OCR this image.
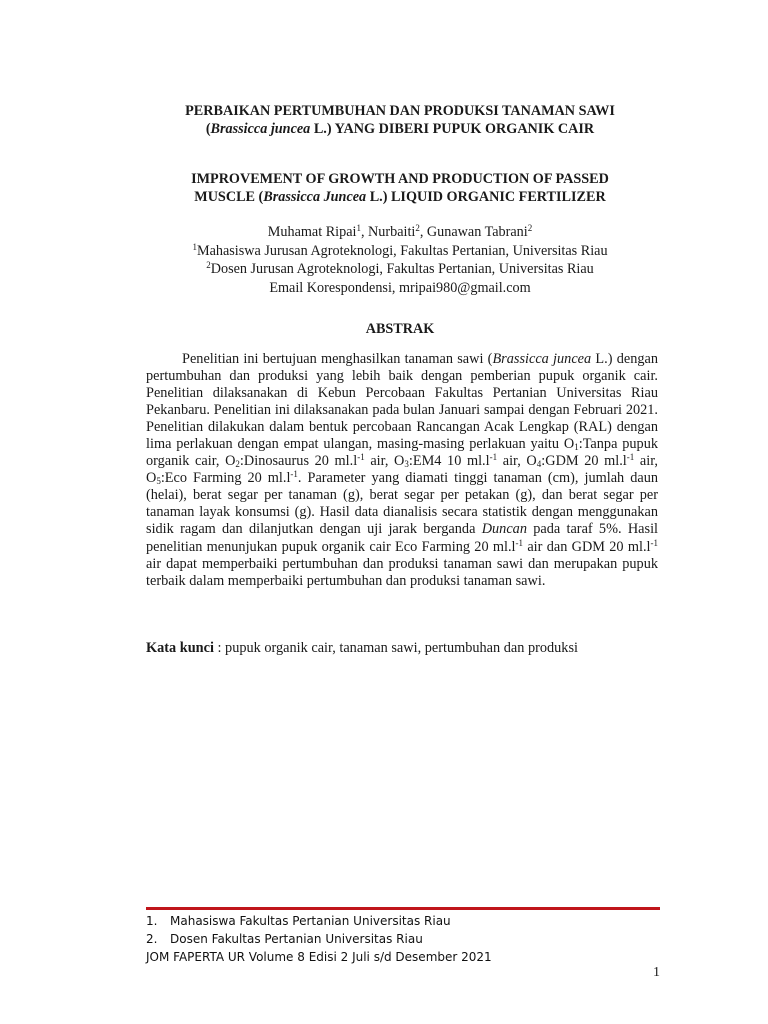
PERBAIKAN PERTUMBUHAN DAN PRODUKSI TANAMAN SAWI
(Brassicca juncea L.) YANG DIBERI PUPUK ORGANIK CAIR
IMPROVEMENT OF GROWTH AND PRODUCTION OF PASSED
MUSCLE (Brassicca Juncea L.) LIQUID ORGANIC FERTILIZER
Muhamat Ripai$^1$, Nurbaiti$^2$, Gunawan Tabrani$^2$
$^1$Mahasiswa Jurusan Agroteknologi, Fakultas Pertanian, Universitas Riau
$^2$Dosen Jurusan Agroteknologi, Fakultas Pertanian, Universitas Riau
Email Korespondensi, mripai980@gmail.com
ABSTRAK
Penelitian ini bertujuan menghasilkan tanaman sawi (Brassicca juncea L.) dengan pertumbuhan dan produksi yang lebih baik dengan pemberian pupuk organik cair. Penelitian dilaksanakan di Kebun Percobaan Fakultas Pertanian Universitas Riau Pekanbaru. Penelitian ini dilaksanakan pada bulan Januari sampai dengan Februari 2021. Penelitian dilakukan dalam bentuk percobaan Rancangan Acak Lengkap (RAL) dengan lima perlakuan dengan empat ulangan, masing-masing perlakuan yaitu $O_1:Tanpa$ pupuk organik cair, $O_2:Dinosaurus$ 20 $ml.l^{-1}$ air, $O_3:EM4$ 10 $ml.l^{-1}$ air, $O_4:GDM$ 20 $ml.l^{-1}$ air, $O_5:Eco$ Farming 20 $ml.l^{-1}$. Parameter yang diamati tinggi tanaman (cm), jumlah daun (helai), berat segar per tanaman (g), berat segar per petakan (g), dan berat segar per tanaman layak konsumsi (g). Hasil data dianalisis secara statistik dengan menggunakan sidik ragam dan dilanjutkan dengan uji jarak berganda Duncan pada taraf 5%. Hasil penelitian menunjukan pupuk organik cair Eco Farming 20 $ml.l^{-1}$ air dan GDM 20 $ml.l^{-1}$ air dapat memperbaiki pertumbuhan dan produksi tanaman sawi dan merupakan pupuk terbaik dalam memperbaiki pertumbuhan dan produksi tanaman sawi.
Kata kunci : pupuk organik cair, tanaman sawi, pertumbuhan dan produksi
1. Mahasiswa Fakultas Pertanian Universitas Riau
2. Dosen Fakultas Pertanian Universitas Riau
JOM FAPERTA UR Volume 8 Edisi 2 Juli s/d Desember 2021
1
